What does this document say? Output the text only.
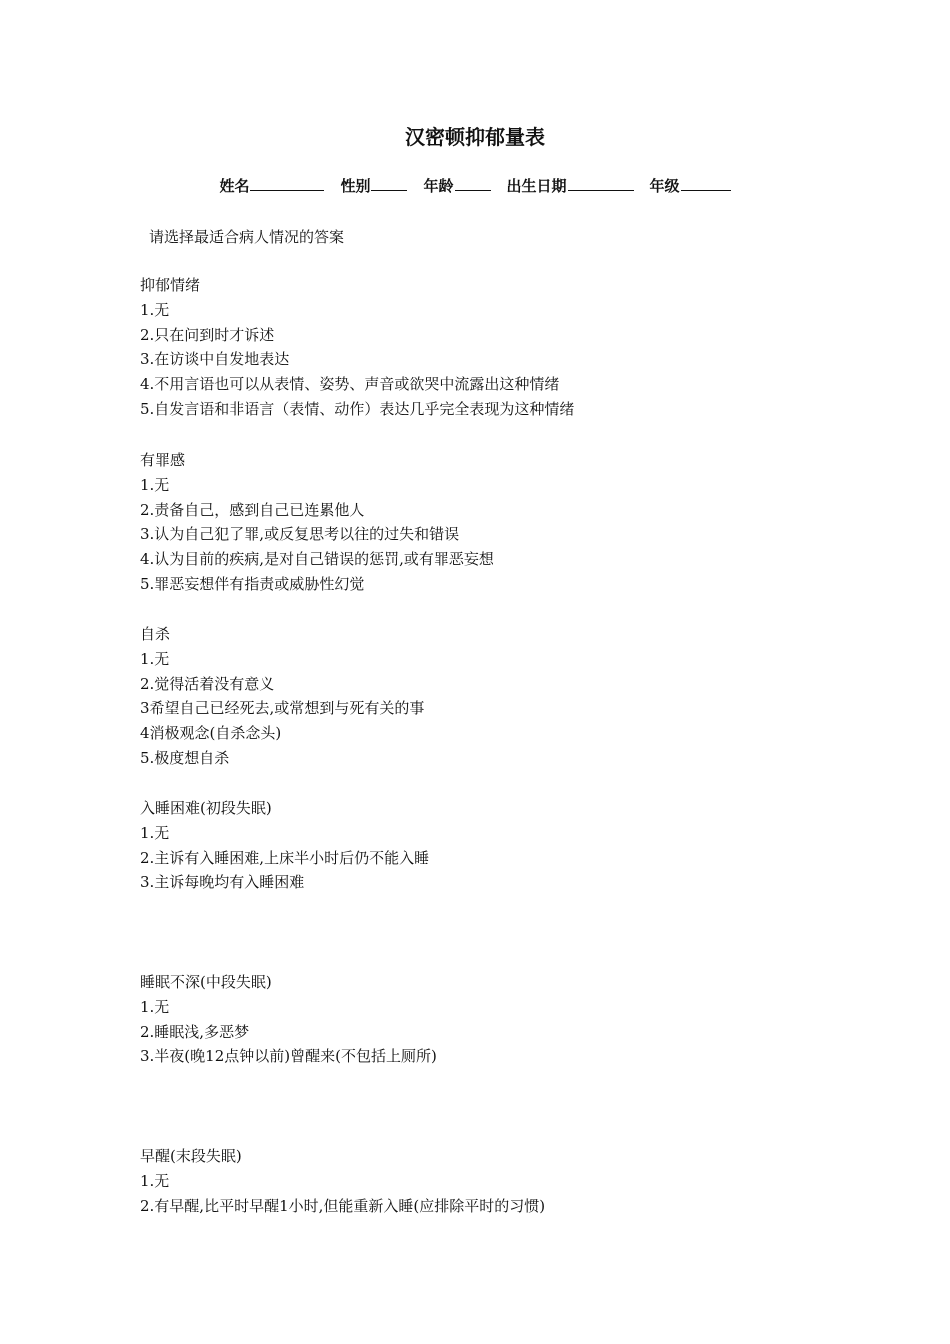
汉密顿抑郁量表
姓名	性别	年龄	出生日期	年级
请选择最适合病人情况的答案
抑郁情绪
1.无
2.只在问到时才诉述
3.在访谈中自发地表达
4.不用言语也可以从表情、姿势、声音或欲哭中流露出这种情绪
5.自发言语和非语言（表情、动作）表达几乎完全表现为这种情绪
有罪感
1.无
2.责备自己，感到自己已连累他人
3.认为自己犯了罪,或反复思考以往的过失和错误
4.认为目前的疾病,是对自己错误的惩罚,或有罪恶妄想
5.罪恶妄想伴有指责或威胁性幻觉
自杀
1.无
2.觉得活着没有意义
3希望自己已经死去,或常想到与死有关的事
4消极观念(自杀念头)
5.极度想自杀
入睡困难(初段失眠)
1.无
2.主诉有入睡困难,上床半小时后仍不能入睡
3.主诉每晚均有入睡困难
睡眠不深(中段失眠)
1.无
2.睡眠浅,多恶梦
3.半夜(晚12点钟以前)曾醒来(不包括上厕所)
早醒(末段失眠)
1.无
2.有早醒,比平时早醒1小时,但能重新入睡(应排除平时的习惯)
